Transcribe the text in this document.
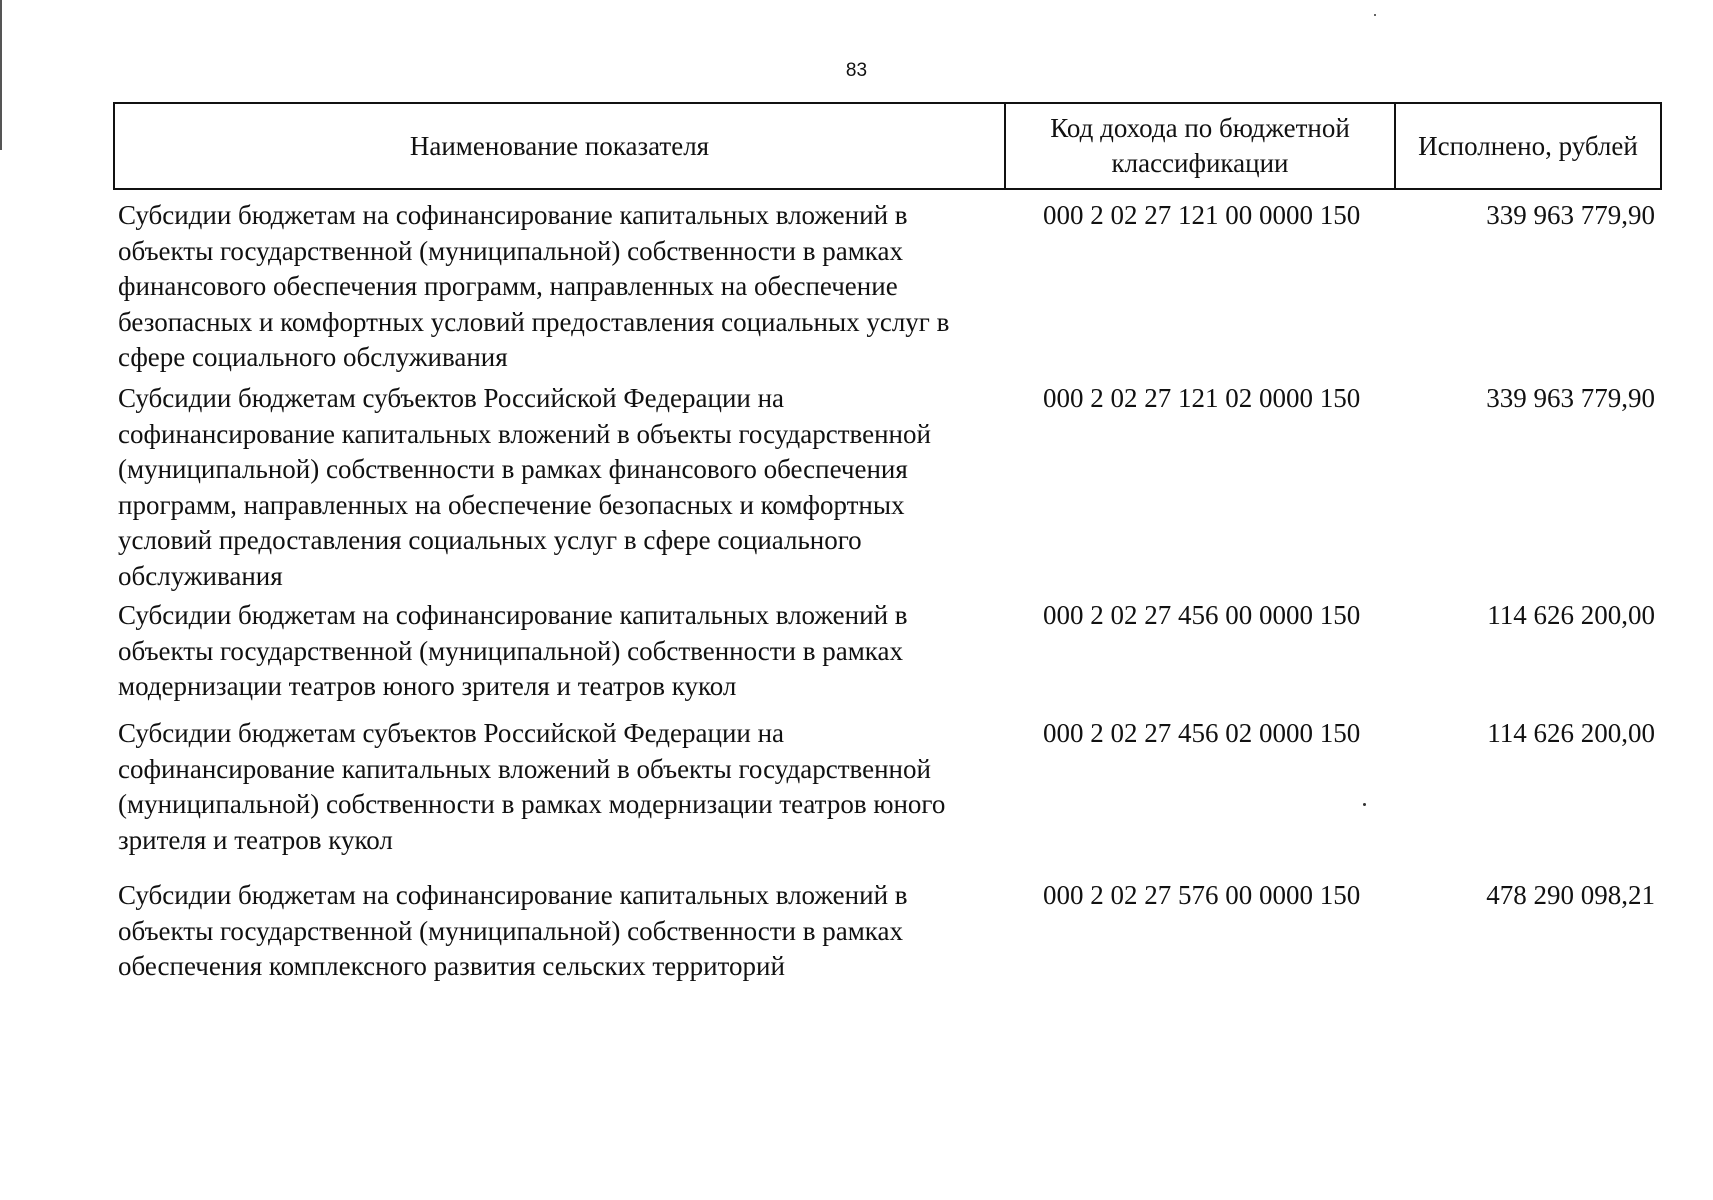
83
Наименование показателя	Код дохода по бюджетной классификации	Исполнено, рублей
Субсидии бюджетам на софинансирование капитальных вложений в объекты государственной (муниципальной) собственности в рамках финансового обеспечения программ, направленных на обеспечение безопасных и комфортных условий предоставления социальных услуг в сфере социального обслуживания	000 2 02 27 121 00 0000 150	339 963 779,90
Субсидии бюджетам субъектов Российской Федерации на софинансирование капитальных вложений в объекты государственной (муниципальной) собственности в рамках финансового обеспечения программ, направленных на обеспечение безопасных и комфортных условий предоставления социальных услуг в сфере социального обслуживания	000 2 02 27 121 02 0000 150	339 963 779,90
Субсидии бюджетам на софинансирование капитальных вложений в объекты государственной (муниципальной) собственности в рамках модернизации театров юного зрителя и театров кукол	000 2 02 27 456 00 0000 150	114 626 200,00
Субсидии бюджетам субъектов Российской Федерации на софинансирование капитальных вложений в объекты государственной (муниципальной) собственности в рамках модернизации театров юного зрителя и театров кукол	000 2 02 27 456 02 0000 150	114 626 200,00
Субсидии бюджетам на софинансирование капитальных вложений в объекты государственной (муниципальной) собственности в рамках обеспечения комплексного развития сельских территорий	000 2 02 27 576 00 0000 150	478 290 098,21
